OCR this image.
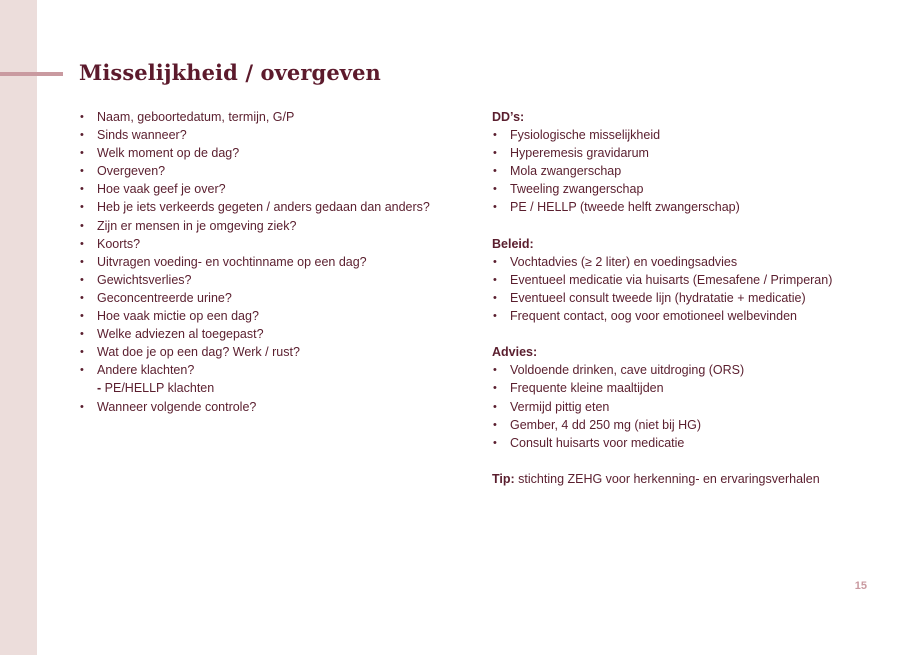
Misselijkheid / overgeven
• Naam, geboortedatum, termijn, G/P
• Sinds wanneer?
• Welk moment op de dag?
• Overgeven?
• Hoe vaak geef je over?
• Heb je iets verkeerds gegeten / anders gedaan dan anders?
• Zijn er mensen in je omgeving ziek?
• Koorts?
• Uitvragen voeding- en vochtinname op een dag?
• Gewichtsverlies?
• Geconcentreerde urine?
• Hoe vaak mictie op een dag?
• Welke adviezen al toegepast?
• Wat doe je op een dag? Werk / rust?
• Andere klachten?
- PE/HELLP klachten
• Wanneer volgende controle?

DD’s:

• Fysiologische misselijkheid
• Hyperemesis gravidarum
• Mola zwangerschap
• Tweeling zwangerschap
• PE / HELLP (tweede helft zwangerschap)

Beleid:

• Vochtadvies (≥ 2 liter) en voedingsadvies
• Eventueel medicatie via huisarts (Emesafene / Primperan)
• Eventueel consult tweede lijn (hydratatie + medicatie)
• Frequent contact, oog voor emotioneel welbevinden

Advies:

• Voldoende drinken, cave uitdroging (ORS)
• Frequente kleine maaltijden
• Vermijd pittig eten
• Gember, 4 dd 250 mg (niet bij HG)
• Consult huisarts voor medicatie

Tip: stichting ZEHG voor herkenning- en ervaringsverhalen

15
